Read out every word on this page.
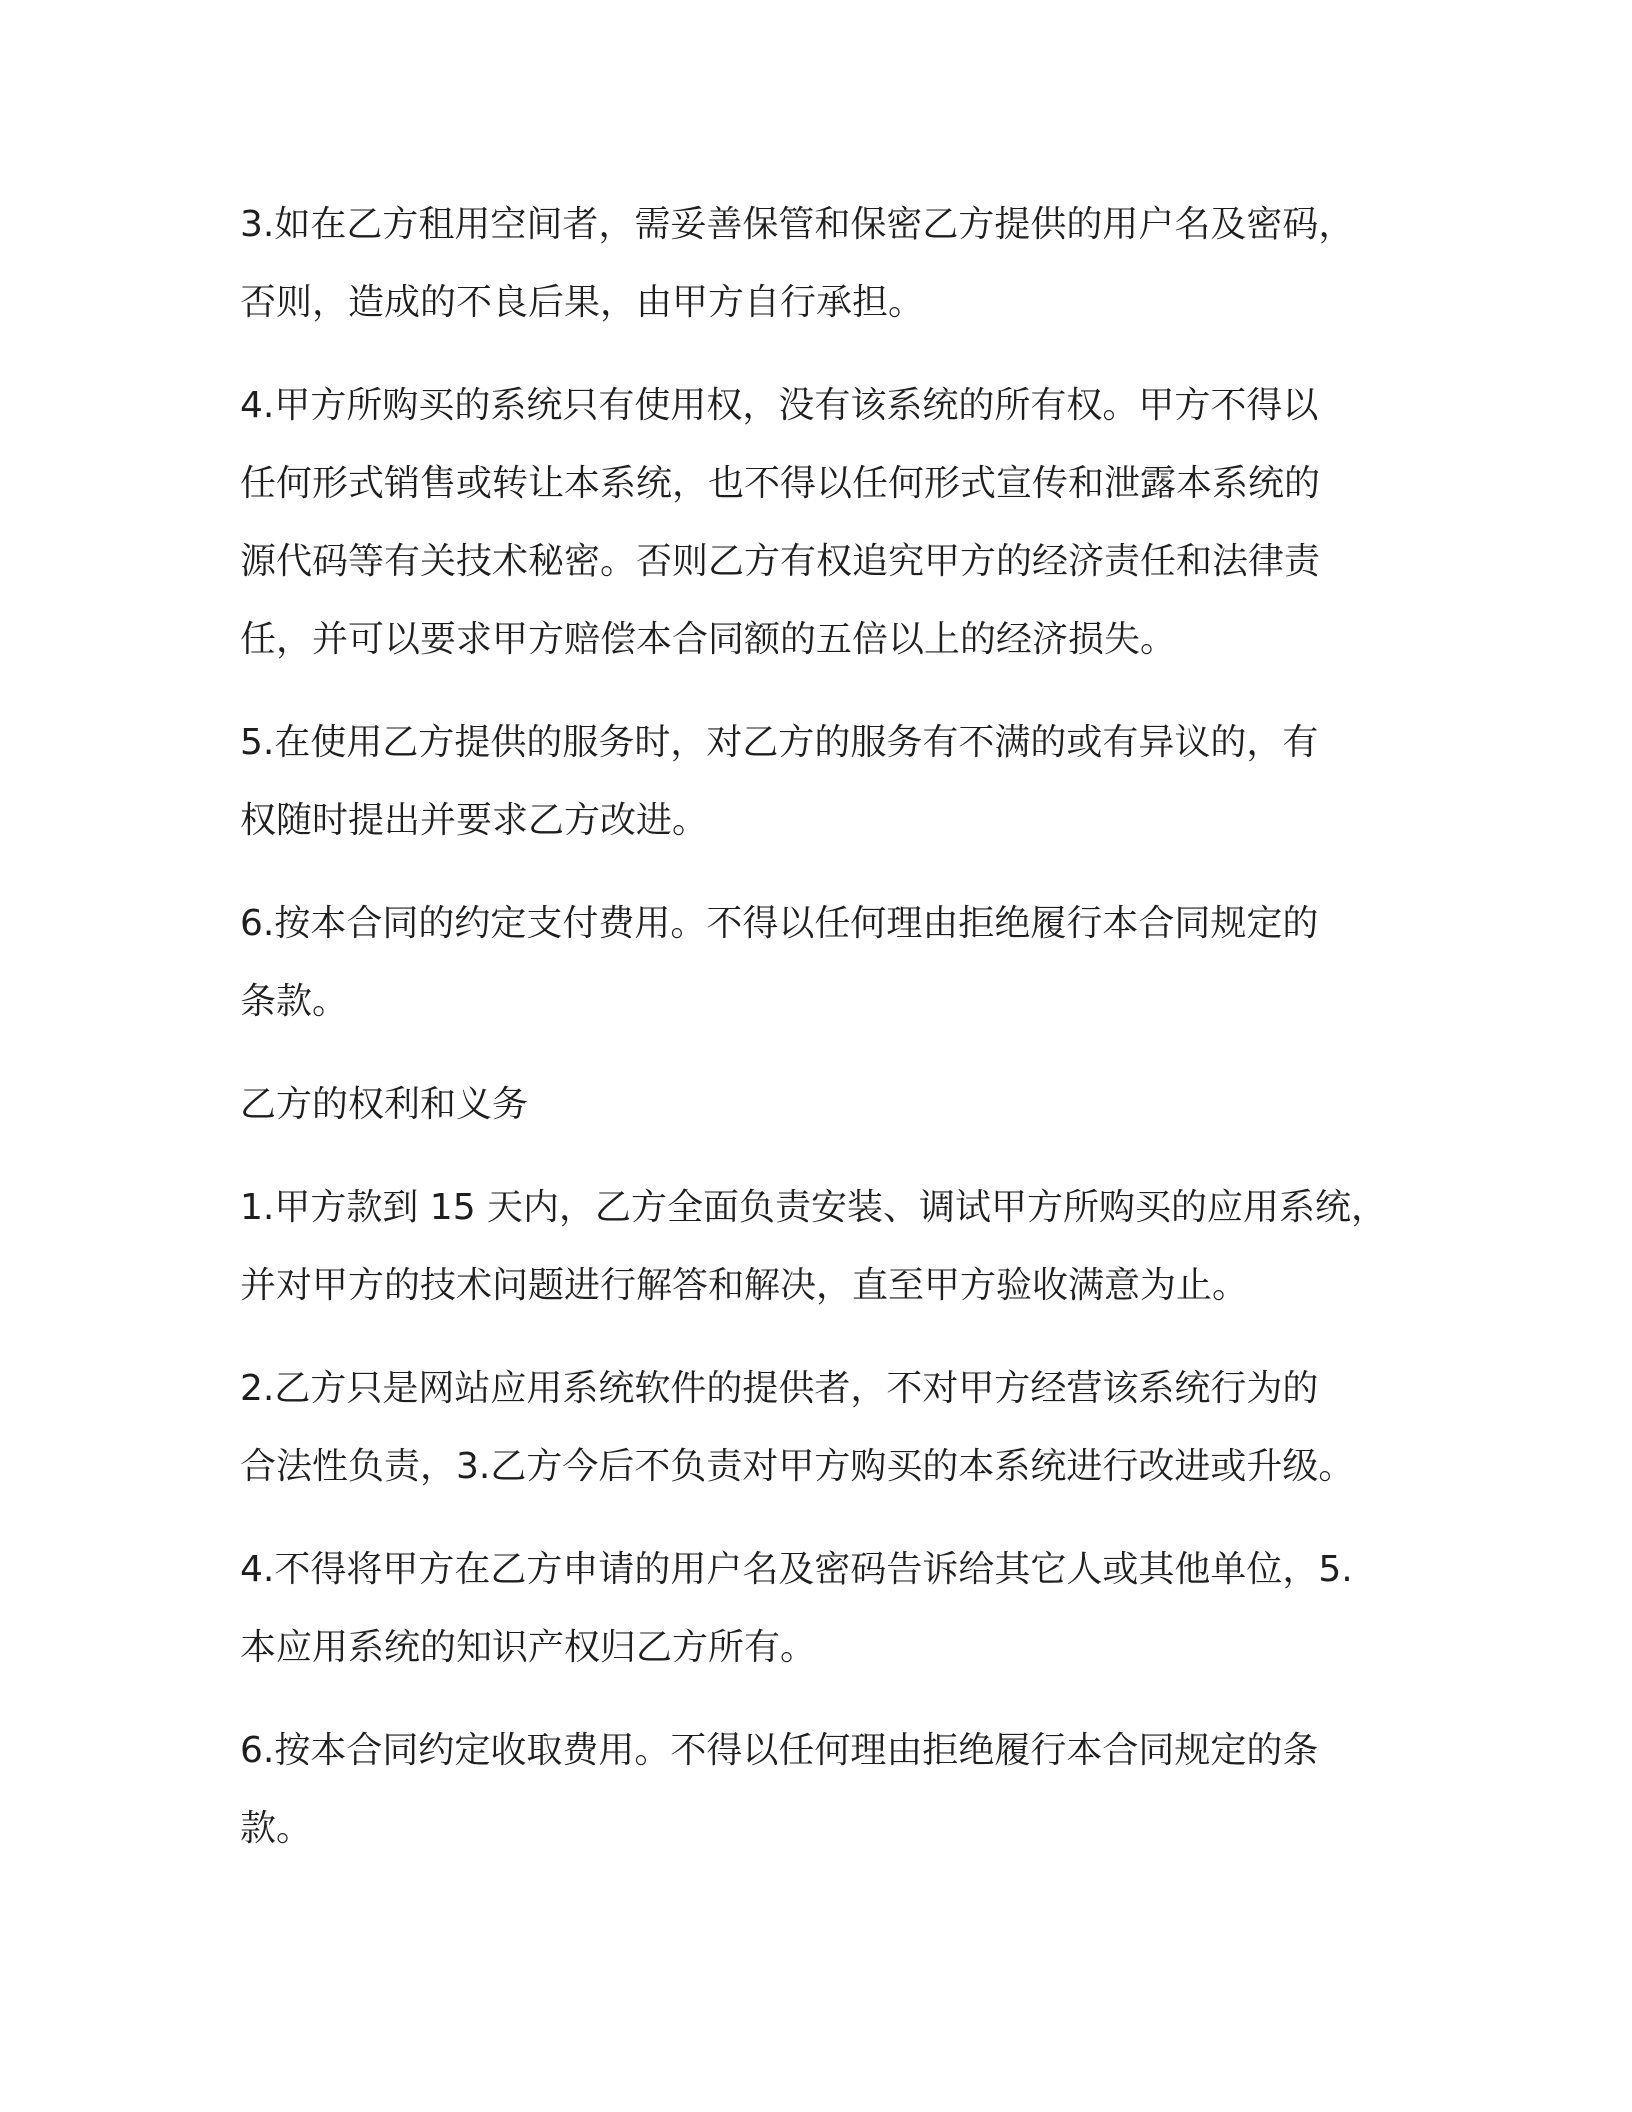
3.如在乙方租用空间者，需妥善保管和保密乙方提供的用户名及密码，
否则，造成的不良后果，由甲方自行承担。
4.甲方所购买的系统只有使用权，没有该系统的所有权。甲方不得以
任何形式销售或转让本系统，也不得以任何形式宣传和泄露本系统的
源代码等有关技术秘密。否则乙方有权追究甲方的经济责任和法律责
任，并可以要求甲方赔偿本合同额的五倍以上的经济损失。
5.在使用乙方提供的服务时，对乙方的服务有不满的或有异议的，有
权随时提出并要求乙方改进。
6.按本合同的约定支付费用。不得以任何理由拒绝履行本合同规定的
条款。
乙方的权利和义务
1.甲方款到 15 天内，乙方全面负责安装、调试甲方所购买的应用系统，
并对甲方的技术问题进行解答和解决，直至甲方验收满意为止。
2.乙方只是网站应用系统软件的提供者，不对甲方经营该系统行为的
合法性负责，3.乙方今后不负责对甲方购买的本系统进行改进或升级。
4.不得将甲方在乙方申请的用户名及密码告诉给其它人或其他单位，5.
本应用系统的知识产权归乙方所有。
6.按本合同约定收取费用。不得以任何理由拒绝履行本合同规定的条
款。
